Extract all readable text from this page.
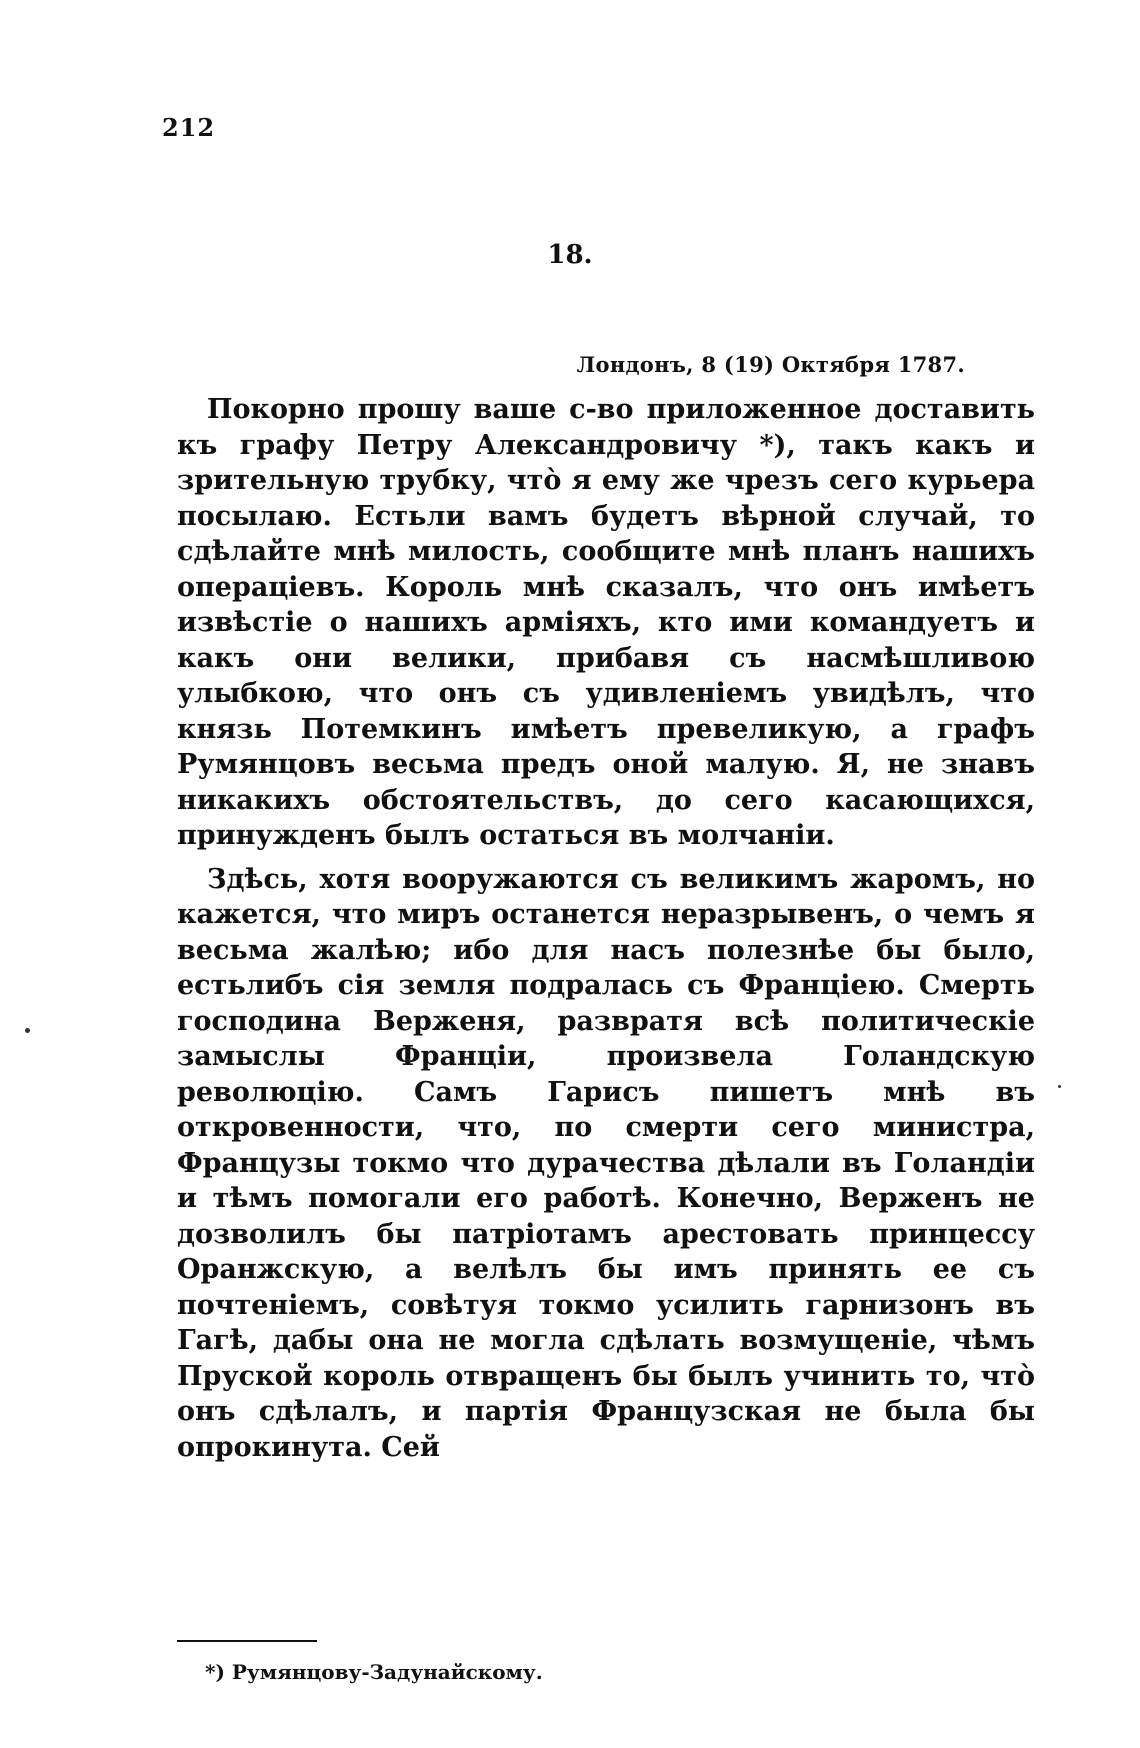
212
18.
Лондонъ, 8 (19) Октября 1787.

Покорно прошу ваше с-во приложенное доставить къ графу Петру Александровичу *), такъ какъ и зрительную трубку, чтò я ему же чрезъ сего курьера посылаю. Естьли вамъ будетъ вѣрной случай, то сдѣлайте мнѣ милость, сообщите мнѣ планъ нашихъ операціевъ. Король мнѣ сказалъ, что онъ имѣетъ извѣстіе о нашихъ арміяхъ, кто ими командуетъ и какъ они велики, прибавя съ насмѣшливою улыбкою, что онъ съ удивленіемъ увидѣлъ, что князь Потемкинъ имѣетъ превеликую, а графъ Румянцовъ весьма предъ оной малую. Я, не знавъ никакихъ обстоятельствъ, до сего касающихся, принужденъ былъ остаться въ молчаніи.

Здѣсь, хотя вооружаются съ великимъ жаромъ, но кажется, что миръ останется неразрывенъ, о чемъ я весьма жалѣю; ибо для насъ полезнѣе бы было, естьлибъ сія земля подралась съ Франціею. Смерть господина Верженя, развратя всѣ политическіе замыслы Франціи, произвела Голандскую революцію. Самъ Гарисъ пишетъ мнѣ въ откровенности, что, по смерти сего министра, Французы токмо что дурачества дѣлали въ Голандіи и тѣмъ помогали его работѣ. Конечно, Верженъ не дозволилъ бы патріотамъ арестовать принцессу Оранжскую, а велѣлъ бы имъ принять ее съ почтеніемъ, совѣтуя токмо усилить гарнизонъ въ Гагѣ, дабы она не могла сдѣлать возмущеніе, чѣмъ Пруской король отвращенъ бы былъ учинить то, чтò онъ сдѣлалъ, и партія Французская не была бы опрокинута. Сей

*) Румянцову-Задунайскому.
